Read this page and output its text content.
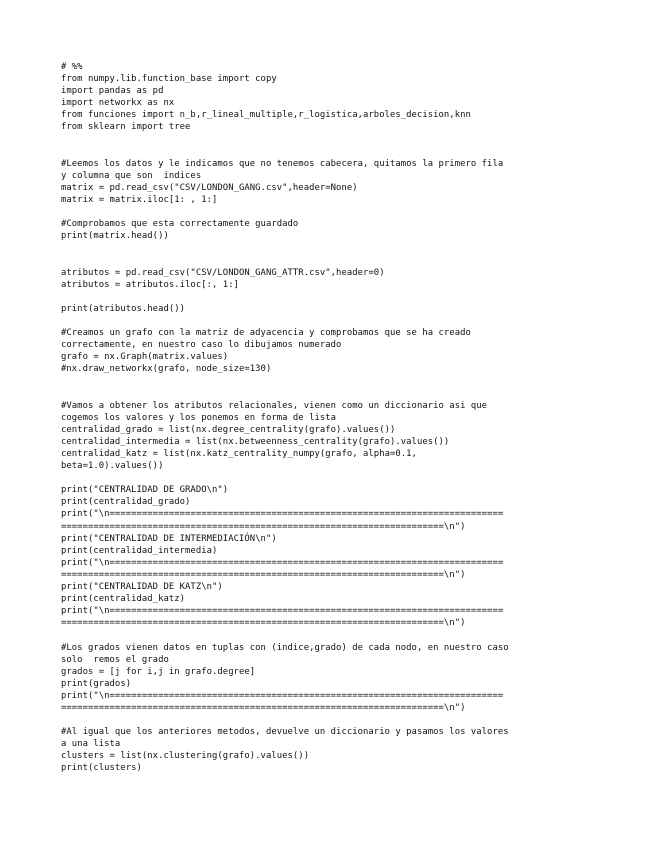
# %%
from numpy.lib.function_base import copy
import pandas as pd
import networkx as nx
from funciones import n_b,r_lineal_multiple,r_logistica,arboles_decision,knn
from sklearn import tree
#Leemos los datos y le indicamos que no tenemos cabecera, quitamos la primero fila
y columna que son  indices
matrix = pd.read_csv("CSV/LONDON_GANG.csv",header=None)
matrix = matrix.iloc[1: , 1:]
#Comprobamos que esta correctamente guardado
print(matrix.head())
atributos = pd.read_csv("CSV/LONDON_GANG_ATTR.csv",header=0)
atributos = atributos.iloc[:, 1:]
print(atributos.head())
#Creamos un grafo con la matriz de adyacencia y comprobamos que se ha creado
correctamente, en nuestro caso lo dibujamos numerado
grafo = nx.Graph(matrix.values)
#nx.draw_networkx(grafo, node_size=130)
#Vamos a obtener los atributos relacionales, vienen como un diccionario asi que
cogemos los valores y los ponemos en forma de lista
centralidad_grado = list(nx.degree_centrality(grafo).values())
centralidad_intermedia = list(nx.betweenness_centrality(grafo).values())
centralidad_katz = list(nx.katz_centrality_numpy(grafo, alpha=0.1,
beta=1.0).values())
print("CENTRALIDAD DE GRADO\n")
print(centralidad_grado)
print("\n=========================================================================
=======================================================================\n")
print("CENTRALIDAD DE INTERMEDIACIÓN\n")
print(centralidad_intermedia)
print("\n=========================================================================
=======================================================================\n")
print("CENTRALIDAD DE KATZ\n")
print(centralidad_katz)
print("\n=========================================================================
=======================================================================\n")
#Los grados vienen datos en tuplas con (indice,grado) de cada nodo, en nuestro caso
solo  remos el grado
grados = [j for i,j in grafo.degree]
print(grados)
print("\n=========================================================================
=======================================================================\n")
#Al igual que los anteriores metodos, devuelve un diccionario y pasamos los valores
a una lista
clusters = list(nx.clustering(grafo).values())
print(clusters)
